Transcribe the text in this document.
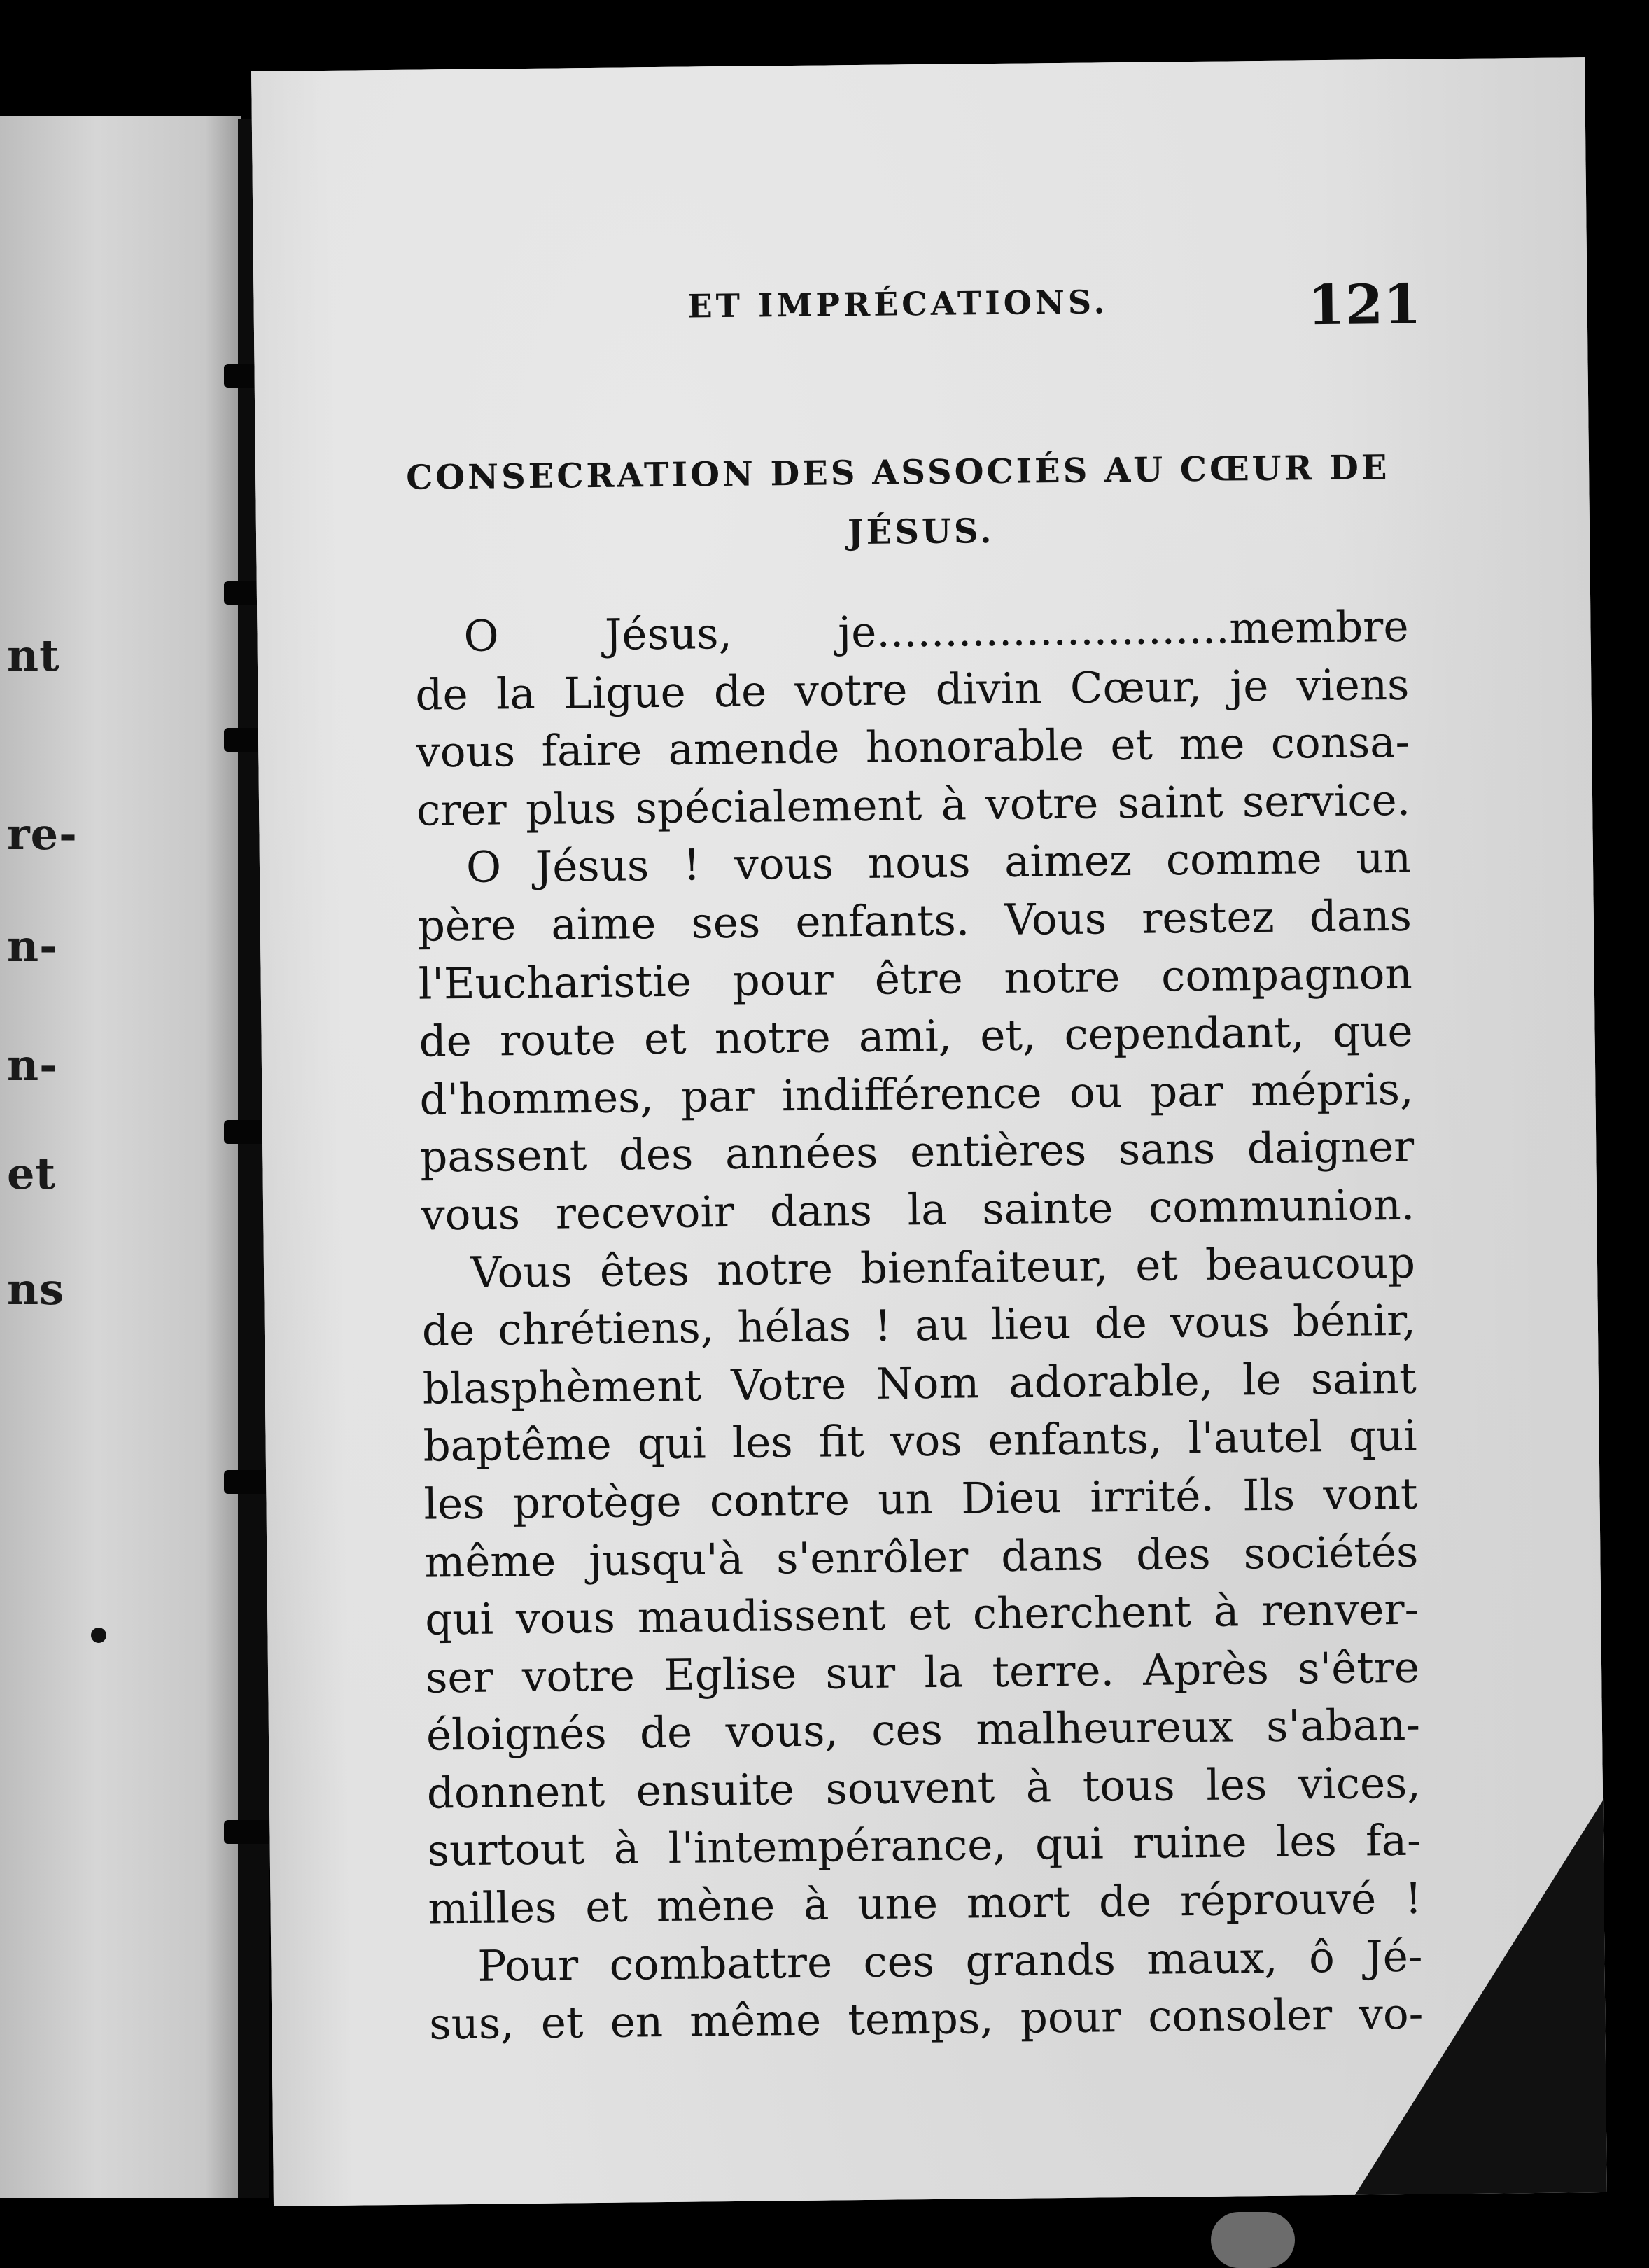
nt
re-
n-
n-
et
ns
ET IMPRÉCATIONS.	121
CONSECRATION DES ASSOCIÉS AU CŒUR DE
JÉSUS.
O Jésus, je..........................membre
de la Ligue de votre divin Cœur, je viens
vous faire amende honorable et me consa-
crer plus spécialement à votre saint service.
O Jésus ! vous nous aimez comme un
père aime ses enfants. Vous restez dans
l'Eucharistie pour être notre compagnon
de route et notre ami, et, cependant, que
d'hommes, par indifférence ou par mépris,
passent des années entières sans daigner
vous recevoir dans la sainte communion.
Vous êtes notre bienfaiteur, et beaucoup
de chrétiens, hélas ! au lieu de vous bénir,
blasphèment Votre Nom adorable, le saint
baptême qui les fit vos enfants, l'autel qui
les protège contre un Dieu irrité. Ils vont
même jusqu'à s'enrôler dans des sociétés
qui vous maudissent et cherchent à renver-
ser votre Eglise sur la terre. Après s'être
éloignés de vous, ces malheureux s'aban-
donnent ensuite souvent à tous les vices,
surtout à l'intempérance, qui ruine les fa-
milles et mène à une mort de réprouvé !
Pour combattre ces grands maux, ô Jé-
sus, et en même temps, pour consoler vo-
